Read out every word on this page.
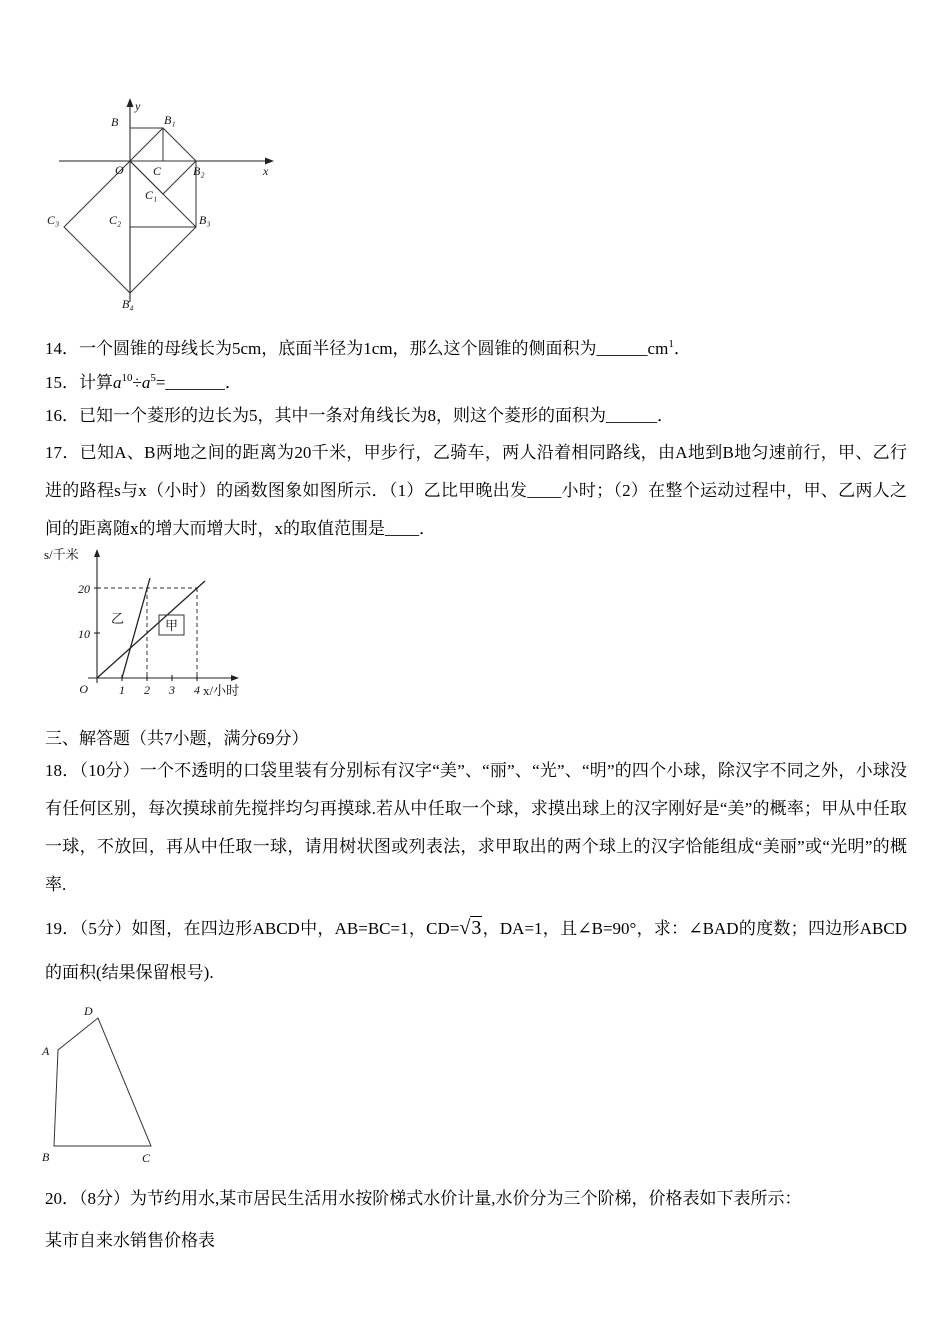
y
x
O
B	B₁
C	B₂
C₁
C₂	B₃
C₃
B₄

14．一个圆锥的母线长为5cm，底面半径为1cm，那么这个圆锥的侧面积为$\_\_\_\_\_\_cm^1$．

15．计算$a^{10}\div a^5=\_\_\_\_\_\_\_$．

16．已知一个菱形的边长为5，其中一条对角线长为8，则这个菱形的面积为______．

17．已知A、B两地之间的距离为20千米，甲步行，乙骑车，两人沿着相同路线，由A地到B地匀速前行，甲、乙行进的路程s与x（小时）的函数图象如图所示．（1）乙比甲晚出发____小时；（2）在整个运动过程中，甲、乙两人之间的距离随x的增大而增大时，x的取值范围是____．

s/千米
20
10
O	1 2 3 4 x/小时
乙	甲

三、解答题（共7小题，满分69分）

18．（10分）一个不透明的口袋里装有分别标有汉字“美”、“丽”、“光”、“明”的四个小球，除汉字不同之外，小球没有任何区别，每次摸球前先搅拌均匀再摸球.若从中任取一个球，求摸出球上的汉字刚好是“美”的概率；甲从中任取一球，不放回，再从中任取一球，请用树状图或列表法，求甲取出的两个球上的汉字恰能组成“美丽”或“光明”的概率.

19．（5分）如图，在四边形ABCD中，AB=BC=1，CD=√3，DA=1，且∠B=90°，求：∠BAD的度数；四边形ABCD的面积(结果保留根号).

D
A
B	C

20．（8分）为节约用水,某市居民生活用水按阶梯式水价计量,水价分为三个阶梯，价格表如下表所示：

某市自来水销售价格表
